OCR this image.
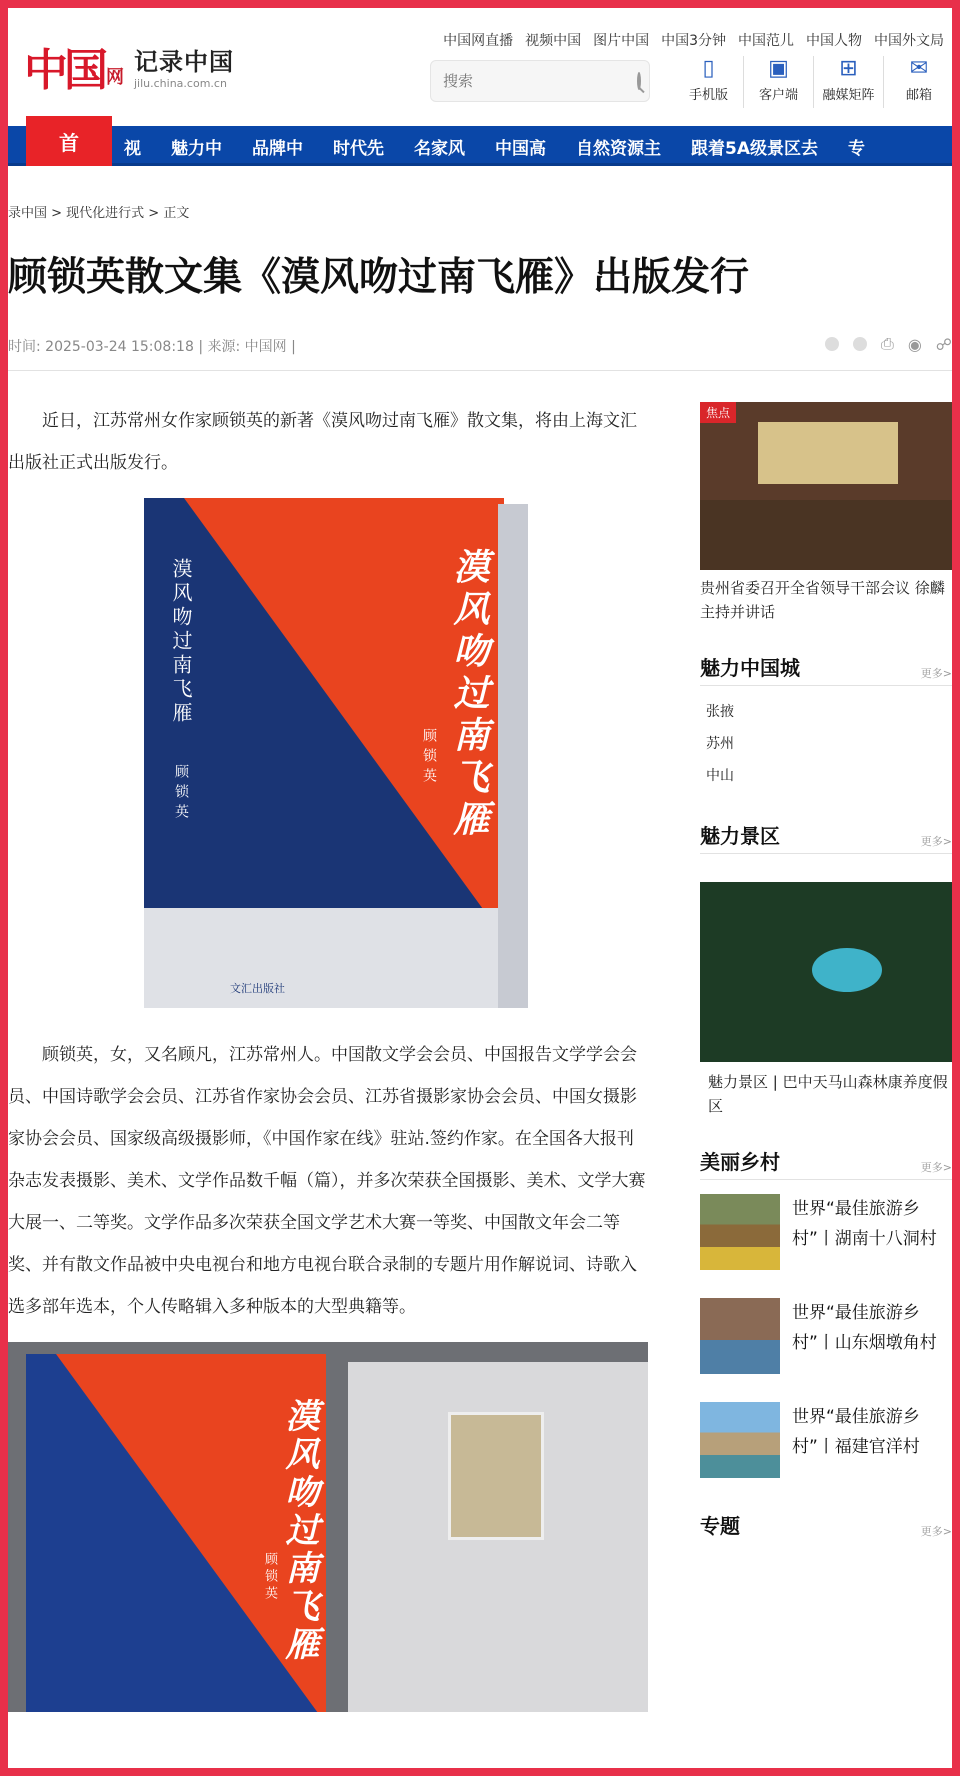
中国 网
记录中国
jilu.china.com.cn
中国网直播 视频中国 图片中国 中国3分钟 中国范儿 中国人物 中国外文局
搜索
▯
手机版
▣
客户端
⊞
融媒矩阵
✉
邮箱
首	视 魅力中 品牌中 时代先 名家风 中国高 自然资源主 跟着5A级景区去 专
录中国 > 现代化进行式 > 正文
顾锁英散文集《漠风吻过南飞雁》出版发行
时间: 2025-03-24 15:08:18 | 来源: 中国网 |	⎙ ◉ ☍

近日，江苏常州女作家顾锁英的新著《漠风吻过南飞雁》散文集，将由上海文汇出版社正式出版发行。

漠风吻过南飞雁
顾锁英	漠风吻过南飞雁
顾锁英
文汇出版社

顾锁英，女，又名顾凡，江苏常州人。中国散文学会会员、中国报告文学学会会员、中国诗歌学会会员、江苏省作家协会会员、江苏省摄影家协会会员、中国女摄影家协会会员、国家级高级摄影师，《中国作家在线》驻站.签约作家。在全国各大报刊杂志发表摄影、美术、文学作品数千幅（篇），并多次荣获全国摄影、美术、文学大赛大展一、二等奖。文学作品多次荣获全国文学艺术大赛一等奖、中国散文年会二等奖、并有散文作品被中央电视台和地方电视台联合录制的专题片用作解说词、诗歌入选多部年选本，个人传略辑入多种版本的大型典籍等。

漠风吻过南飞雁
顾锁英
焦点
贵州省委召开全省领导干部会议 徐麟主持并讲话
魅力中国城	更多>
张掖
苏州
中山
魅力景区	更多>
魅力景区 | 巴中天马山森林康养度假区
美丽乡村	更多>
世界“最佳旅游乡村”丨湖南十八洞村
世界“最佳旅游乡村”丨山东烟墩角村
世界“最佳旅游乡村”丨福建官洋村
专题	更多>
